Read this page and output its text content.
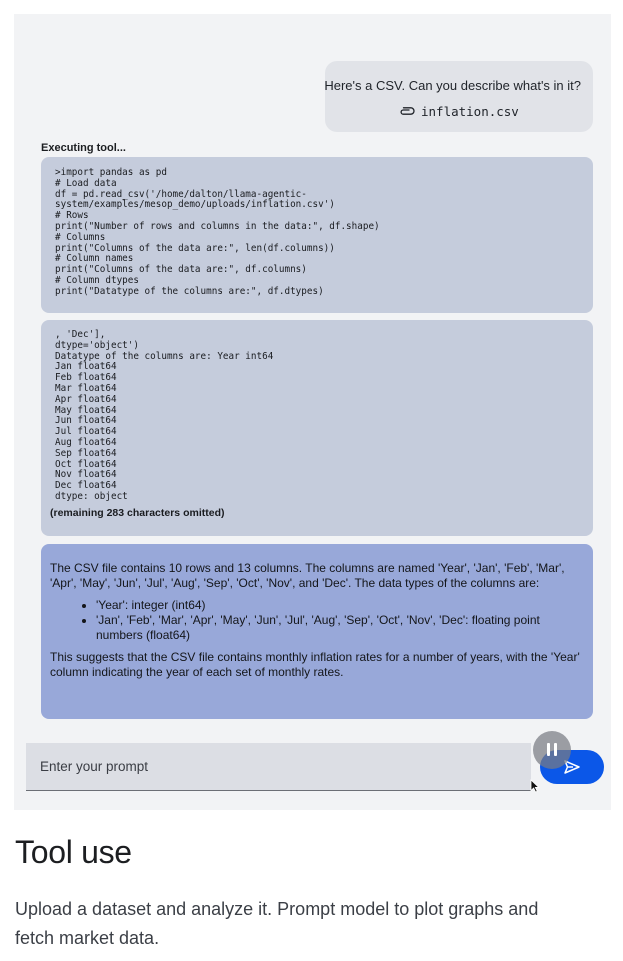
Here's a CSV. Can you describe what's in it?
inflation.csv
Executing tool...
>import pandas as pd
# Load data
df = pd.read_csv('/home/dalton/llama-agentic-
system/examples/mesop_demo/uploads/inflation.csv')
# Rows
print("Number of rows and columns in the data:", df.shape)
# Columns
print("Columns of the data are:", len(df.columns))
# Column names
print("Columns of the data are:", df.columns)
# Column dtypes
print("Datatype of the columns are:", df.dtypes)
, 'Dec'],
dtype='object')
Datatype of the columns are: Year int64
Jan float64
Feb float64
Mar float64
Apr float64
May float64
Jun float64
Jul float64
Aug float64
Sep float64
Oct float64
Nov float64
Dec float64
dtype: object
(remaining 283 characters omitted)

The CSV file contains 10 rows and 13 columns. The columns are named 'Year', 'Jan', 'Feb', 'Mar', 'Apr', 'May', 'Jun', 'Jul', 'Aug', 'Sep', 'Oct', 'Nov', and 'Dec'. The data types of the columns are:

• 'Year': integer (int64)
• 'Jan', 'Feb', 'Mar', 'Apr', 'May', 'Jun', 'Jul', 'Aug', 'Sep', 'Oct', 'Nov', 'Dec': floating point numbers (float64)

This suggests that the CSV file contains monthly inflation rates for a number of years, with the 'Year' column indicating the year of each set of monthly rates.

Enter your prompt
Tool use

Upload a dataset and analyze it. Prompt model to plot graphs and fetch market data.
